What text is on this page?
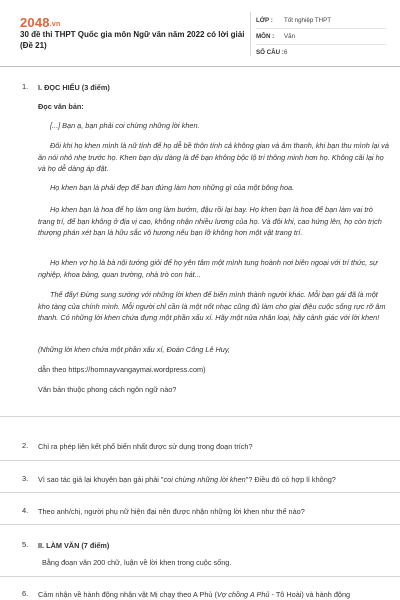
2048.vn
30 đề thi THPT Quốc gia môn Ngữ văn năm 2022 có lời giải (Đề 21)
LỚP : Tốt nghiệp THPT
MÔN : Văn
SỐ CÂU : 6
1. I. ĐỌC HIỂU (3 điểm)
Đọc văn bản:
[...] Bạn ạ, bạn phải coi chừng những lời khen.
Đôi khi họ khen mình là nữ tính để họ dễ bề thôn tính cả không gian và âm thanh, khi bạn thu mình lại và ăn nói nhỏ nhẹ trước họ. Khen bạn dịu dàng là để bạn không bộc lộ trí thông minh hơn họ. Không cãi lại họ và họ dễ dàng áp đặt.
Họ khen bạn là phải đẹp để bạn đứng làm hơn những gì của một bông hoa.
Họ khen bạn là hoa để họ làm ong làm bướm, đậu rồi lại bay. Họ khen bạn là hoa để bạn làm vai trò trang trí, để bạn không ở địa vị cao, không nhận nhiều lương của họ. Và đôi khi, cao hứng lên, họ còn trịch thượng phán xét bạn là hữu sắc vô hương nếu bạn lỡ không hơn một vật trang trí.
Họ khen vợ họ là bà nội tướng giỏi để họ yên tâm một mình tung hoành nơi biên ngoại với trí thức, sự nghiệp, khoa bảng, quan trường, nhà trò con hát...
Thế đấy! Đừng sung sướng với những lời khen để biến mình thành người khác. Mỗi bạn gái đã là một kho tàng của chính mình. Mỗi người chỉ cần là một nốt nhạc cũng đủ làm cho giai điệu cuộc sống rực rỡ âm thanh. Có những lời khen chứa đựng một phần xấu xí. Hãy một nửa nhân loại, hãy cảnh giác với lời khen!
(Những lời khen chứa một phần xấu xí, Đoàn Công Lê Huy,
dẫn theo https://homnayvangaymai.wordpress.com)
Văn bản thuộc phong cách ngôn ngữ nào?
2. Chỉ ra phép liên kết phổ biến nhất được sử dụng trong đoạn trích?
3. Vì sao tác giả lại khuyên bạn gái phải "coi chừng những lời khen"? Điều đó có hợp lí không?
4. Theo anh/chị, người phụ nữ hiện đại nên được nhận những lời khen như thế nào?
5. II. LÀM VĂN (7 điểm)
Bằng đoạn văn 200 chữ, luận về lời khen trong cuộc sống.
6. Cảm nhận về hành động nhận vật Mị chạy theo A Phủ (Vợ chồng A Phủ - Tô Hoài) và hành động
